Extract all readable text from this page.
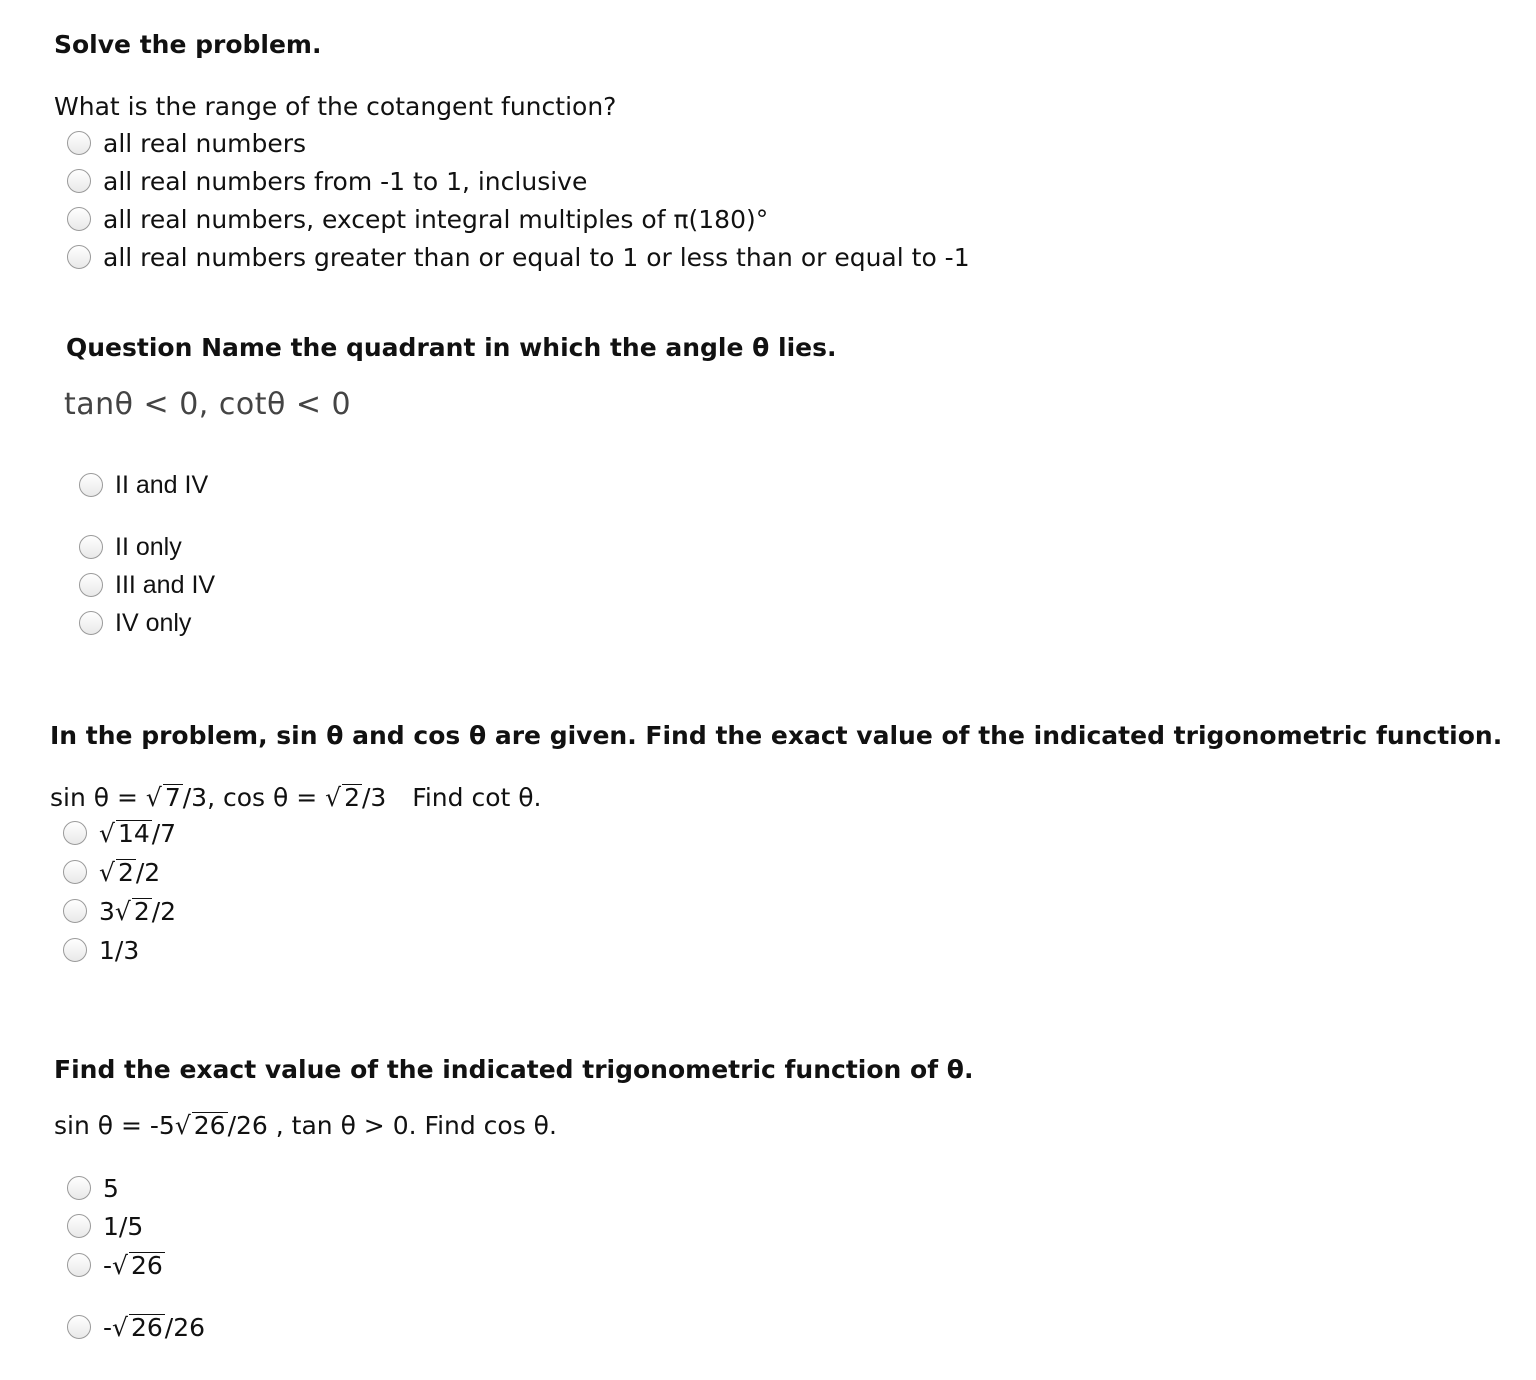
Solve the problem.
What is the range of the cotangent function?
all real numbers
all real numbers from -1 to 1, inclusive
all real numbers, except integral multiples of π(180)°
all real numbers greater than or equal to 1 or less than or equal to -1
Question Name the quadrant in which the angle θ lies.
tanθ < 0, cotθ < 0
II and IV
II only
III and IV
IV only
In the problem, sin θ and cos θ are given. Find the exact value of the indicated trigonometric function.
sin θ = √ 7/3, cos θ = √ 2/3 Find cot θ.
√ 14/7
√ 2/2
3√ 2/2
1/3
Find the exact value of the indicated trigonometric function of θ.
sin θ = -5√ 26/26 , tan θ > 0. Find cos θ.
5
1/5
-√ 26
-√ 26/26
